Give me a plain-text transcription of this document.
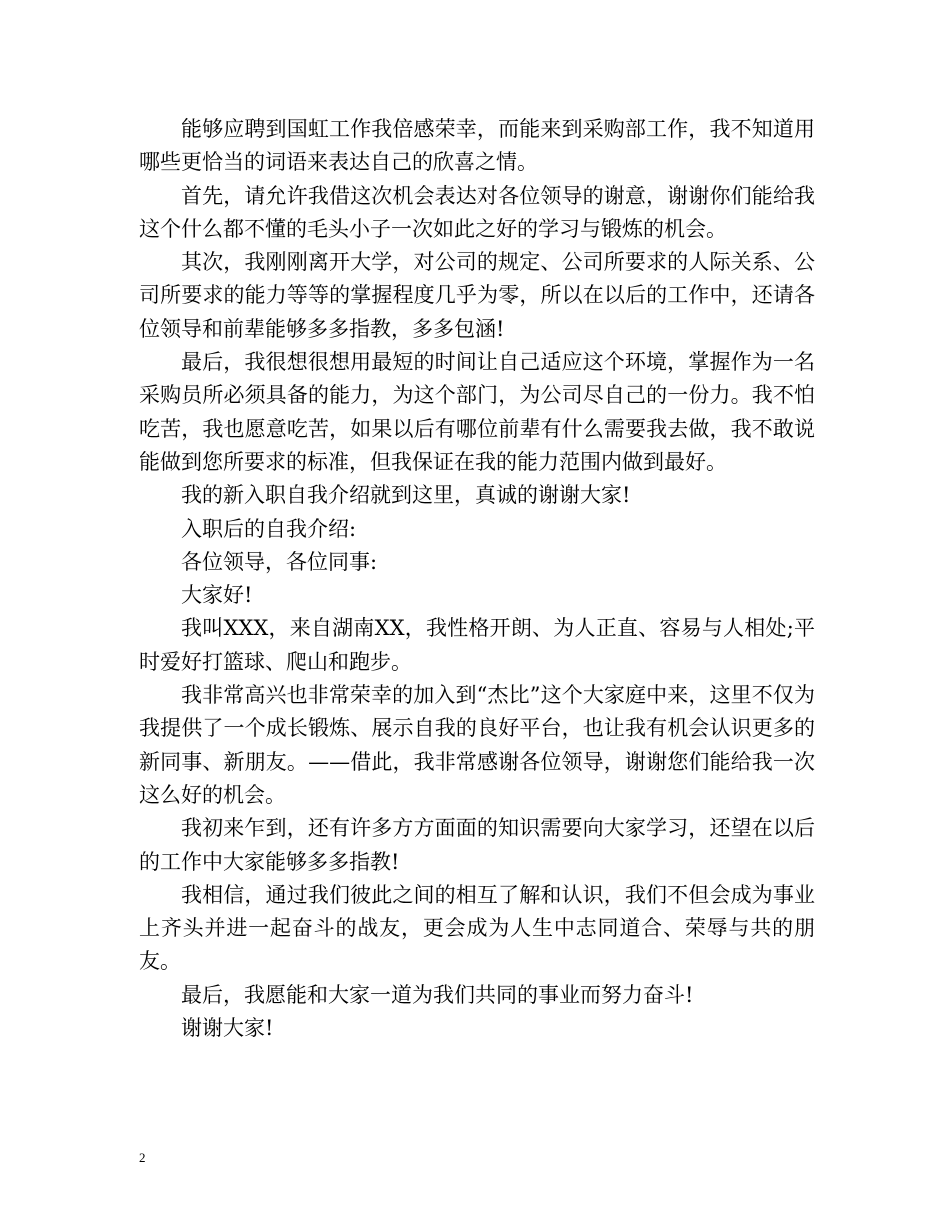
能够应聘到国虹工作我倍感荣幸，而能来到采购部工作，我不知道用哪些更恰当的词语来表达自己的欣喜之情。

首先，请允许我借这次机会表达对各位领导的谢意，谢谢你们能给我这个什么都不懂的毛头小子一次如此之好的学习与锻炼的机会。

其次，我刚刚离开大学，对公司的规定、公司所要求的人际关系、公司所要求的能力等等的掌握程度几乎为零，所以在以后的工作中，还请各位领导和前辈能够多多指教，多多包涵!

最后，我很想很想用最短的时间让自己适应这个环境，掌握作为一名采购员所必须具备的能力，为这个部门，为公司尽自己的一份力。我不怕吃苦，我也愿意吃苦，如果以后有哪位前辈有什么需要我去做，我不敢说能做到您所要求的标准，但我保证在我的能力范围内做到最好。

我的新入职自我介绍就到这里，真诚的谢谢大家!

入职后的自我介绍:

各位领导，各位同事:

大家好!

我叫XXX，来自湖南XX，我性格开朗、为人正直、容易与人相处;平时爱好打篮球、爬山和跑步。

我非常高兴也非常荣幸的加入到“杰比”这个大家庭中来，这里不仅为我提供了一个成长锻炼、展示自我的良好平台，也让我有机会认识更多的新同事、新朋友。——借此，我非常感谢各位领导，谢谢您们能给我一次这么好的机会。

我初来乍到，还有许多方方面面的知识需要向大家学习，还望在以后的工作中大家能够多多指教!

我相信，通过我们彼此之间的相互了解和认识，我们不但会成为事业上齐头并进一起奋斗的战友，更会成为人生中志同道合、荣辱与共的朋友。

最后，我愿能和大家一道为我们共同的事业而努力奋斗!

谢谢大家!

2
